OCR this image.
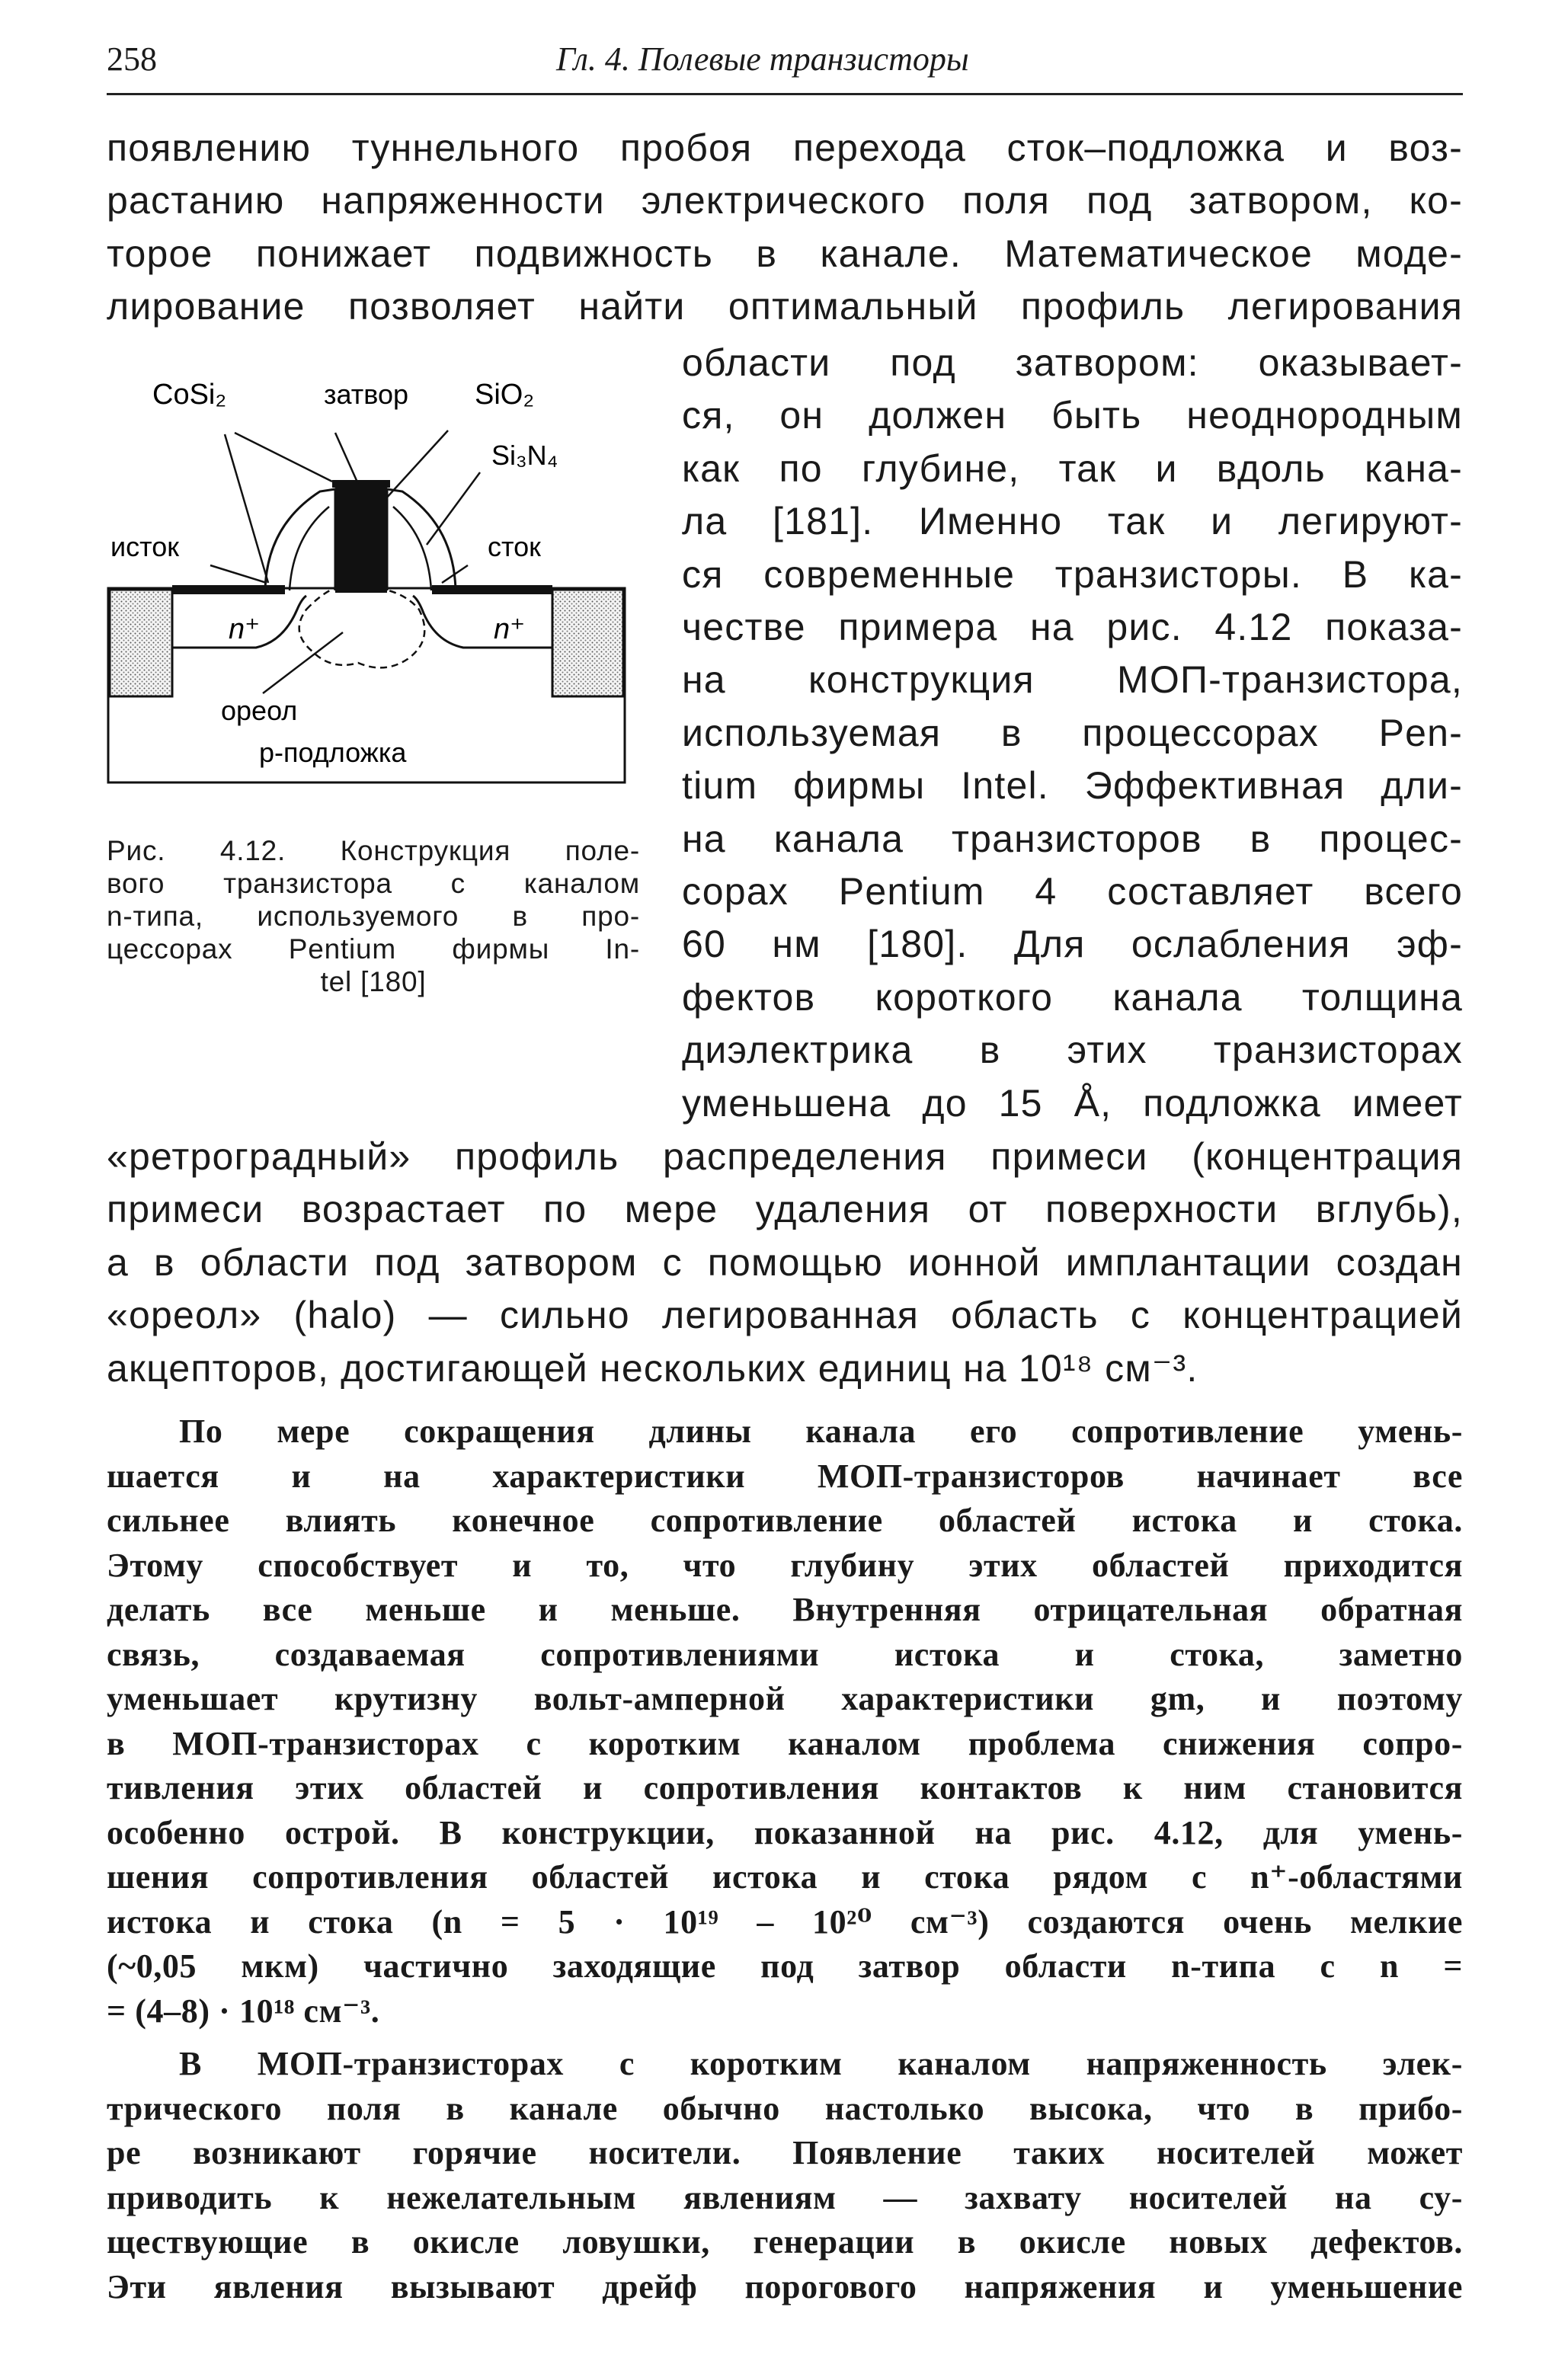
258	Гл. 4. Полевые транзисторы

появлению туннельного пробоя перехода сток–подложка и воз-

растанию напряженности электрического поля под затвором, ко-

торое понижает подвижность в канале. Математическое моде-

лирование позволяет найти оптимальный профиль легирования

области под затвором: оказывает-

ся, он должен быть неоднородным

как по глубине, так и вдоль кана-

ла [181]. Именно так и легируют-

ся современные транзисторы. В ка-

честве примера на рис. 4.12 показа-

на конструкция МОП-транзистора,

используемая в процессорах Pen-

tium фирмы Intel. Эффективная дли-

на канала транзисторов в процес-

сорах Pentium 4 составляет всего

60 нм [180]. Для ослабления эф-

фектов короткого канала толщина

диэлектрика в этих транзисторах

уменьшена до 15 Å, подложка имеет

CoSi₂	затвор SiO₂
Si₃N₄
исток	сток
n⁺	n⁺
ореол
p-подложка
Рис. 4.12. Конструкция поле-
вого транзистора с каналом
n-типа, используемого в про-
цессорах Pentium фирмы In-
tel [180]

«ретроградный» профиль распределения примеси (концентрация

примеси возрастает по мере удаления от поверхности вглубь),

а в области под затвором с помощью ионной имплантации создан

«ореол» (halo) — сильно легированная область с концентрацией

акцепторов, достигающей нескольких единиц на 10¹⁸ см⁻³.

По мере сокращения длины канала его сопротивление умень-

шается и на характеристики МОП-транзисторов начинает все

сильнее влиять конечное сопротивление областей истока и стока.

Этому способствует и то, что глубину этих областей приходится

делать все меньше и меньше. Внутренняя отрицательная обратная

связь, создаваемая сопротивлениями истока и стока, заметно

уменьшает крутизну вольт-амперной характеристики gm, и поэтому

в МОП-транзисторах с коротким каналом проблема снижения сопро-

тивления этих областей и сопротивления контактов к ним становится

особенно острой. В конструкции, показанной на рис. 4.12, для умень-

шения сопротивления областей истока и стока рядом с n⁺-областями

истока и стока (n = 5 · 10¹⁹ – 10²⁰ см⁻³) создаются очень мелкие

(~0,05 мкм) частично заходящие под затвор области n-типа с n =

= (4–8) · 10¹⁸ см⁻³.

В МОП-транзисторах с коротким каналом напряженность элек-

трического поля в канале обычно настолько высока, что в прибо-

ре возникают горячие носители. Появление таких носителей может

приводить к нежелательным явлениям — захвату носителей на су-

ществующие в окисле ловушки, генерации в окисле новых дефектов.

Эти явления вызывают дрейф порогового напряжения и уменьшение
